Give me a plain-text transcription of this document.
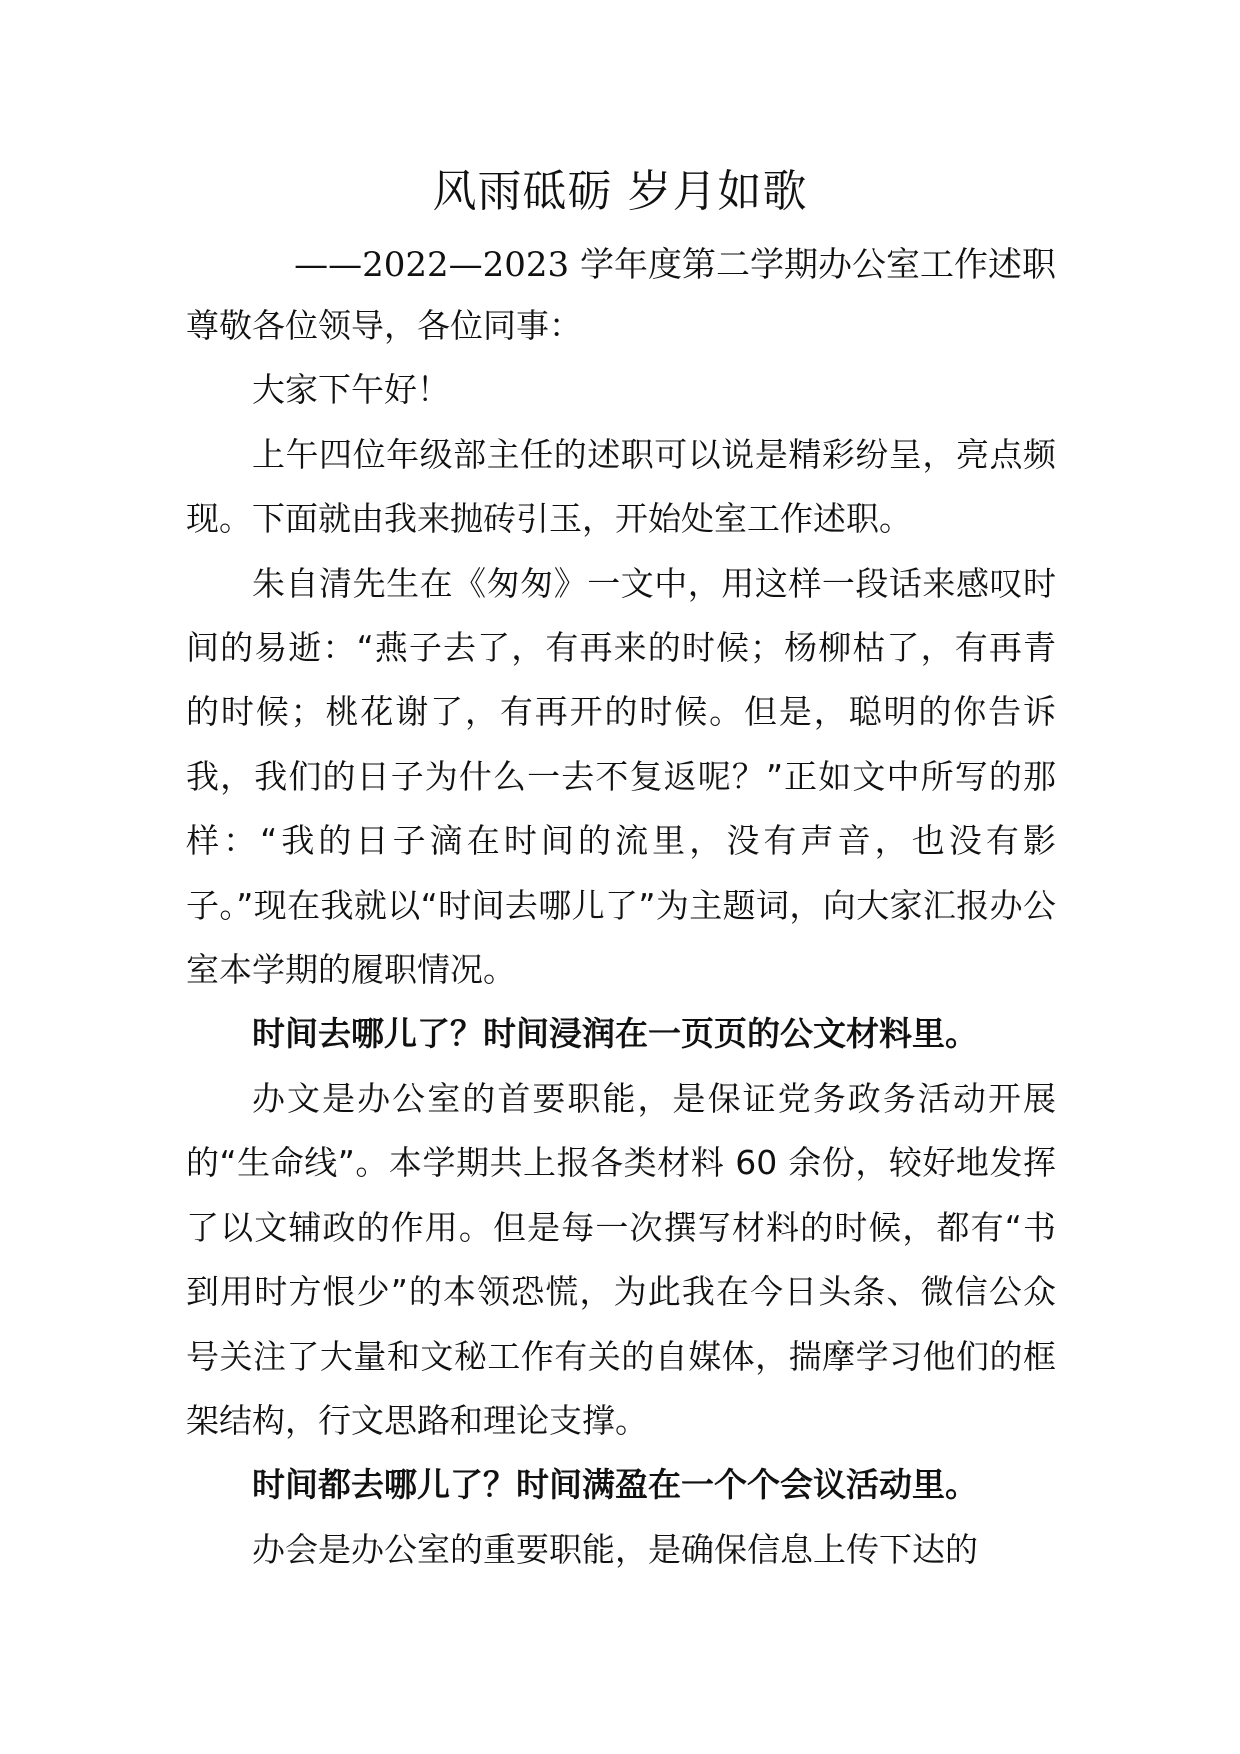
风雨砥砺 岁月如歌

——2022—2023 学年度第二学期办公室工作述职

尊敬各位领导，各位同事：

大家下午好！

上午四位年级部主任的述职可以说是精彩纷呈，亮点频现。下面就由我来抛砖引玉，开始处室工作述职。

朱自清先生在《匆匆》一文中，用这样一段话来感叹时间的易逝：“燕子去了，有再来的时候；杨柳枯了，有再青的时候；桃花谢了，有再开的时候。但是，聪明的你告诉我，我们的日子为什么一去不复返呢？”正如文中所写的那样：“我的日子滴在时间的流里，没有声音，也没有影子。”现在我就以“时间去哪儿了”为主题词，向大家汇报办公室本学期的履职情况。

时间去哪儿了？时间浸润在一页页的公文材料里。

办文是办公室的首要职能，是保证党务政务活动开展的“生命线”。本学期共上报各类材料 60 余份，较好地发挥了以文辅政的作用。但是每一次撰写材料的时候，都有“书到用时方恨少”的本领恐慌，为此我在今日头条、微信公众号关注了大量和文秘工作有关的自媒体，揣摩学习他们的框架结构，行文思路和理论支撑。

时间都去哪儿了？时间满盈在一个个会议活动里。

办会是办公室的重要职能，是确保信息上传下达的
